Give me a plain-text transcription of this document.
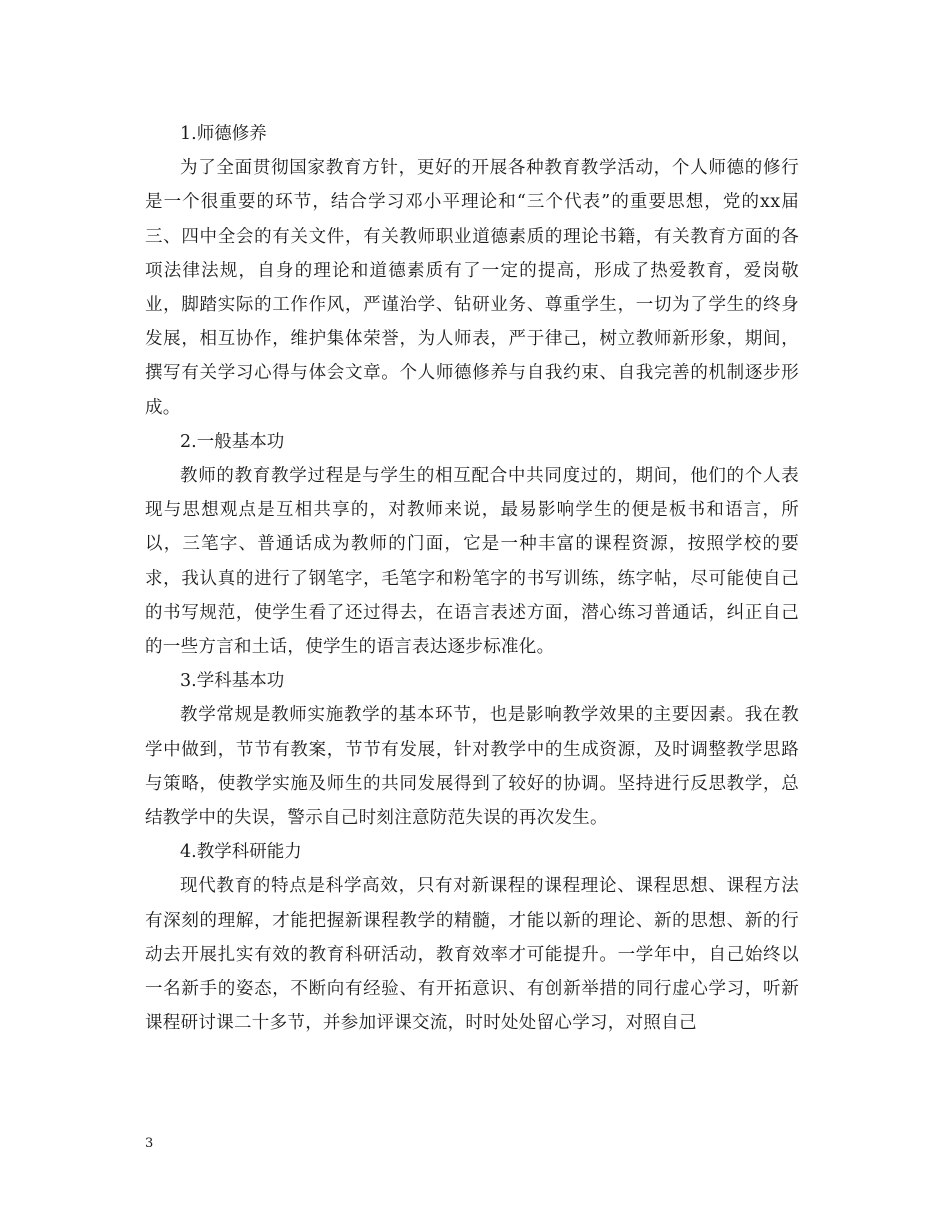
1.师德修养

为了全面贯彻国家教育方针，更好的开展各种教育教学活动，个人师德的修行是一个很重要的环节，结合学习邓小平理论和“三个代表”的重要思想，党的xx届三、四中全会的有关文件，有关教师职业道德素质的理论书籍，有关教育方面的各项法律法规，自身的理论和道德素质有了一定的提高，形成了热爱教育，爱岗敬业，脚踏实际的工作作风，严谨治学、钻研业务、尊重学生，一切为了学生的终身发展，相互协作，维护集体荣誉，为人师表，严于律己，树立教师新形象，期间，撰写有关学习心得与体会文章。个人师德修养与自我约束、自我完善的机制逐步形成。

2.一般基本功

教师的教育教学过程是与学生的相互配合中共同度过的，期间，他们的个人表现与思想观点是互相共享的，对教师来说，最易影响学生的便是板书和语言，所以，三笔字、普通话成为教师的门面，它是一种丰富的课程资源，按照学校的要求，我认真的进行了钢笔字，毛笔字和粉笔字的书写训练，练字帖，尽可能使自己的书写规范，使学生看了还过得去，在语言表述方面，潜心练习普通话，纠正自己的一些方言和土话，使学生的语言表达逐步标准化。

3.学科基本功

教学常规是教师实施教学的基本环节，也是影响教学效果的主要因素。我在教学中做到，节节有教案，节节有发展，针对教学中的生成资源，及时调整教学思路与策略，使教学实施及师生的共同发展得到了较好的协调。坚持进行反思教学，总结教学中的失误，警示自己时刻注意防范失误的再次发生。

4.教学科研能力

现代教育的特点是科学高效，只有对新课程的课程理论、课程思想、课程方法有深刻的理解，才能把握新课程教学的精髓，才能以新的理论、新的思想、新的行动去开展扎实有效的教育科研活动，教育效率才可能提升。一学年中，自己始终以一名新手的姿态，不断向有经验、有开拓意识、有创新举措的同行虚心学习，听新课程研讨课二十多节，并参加评课交流，时时处处留心学习，对照自己

3
